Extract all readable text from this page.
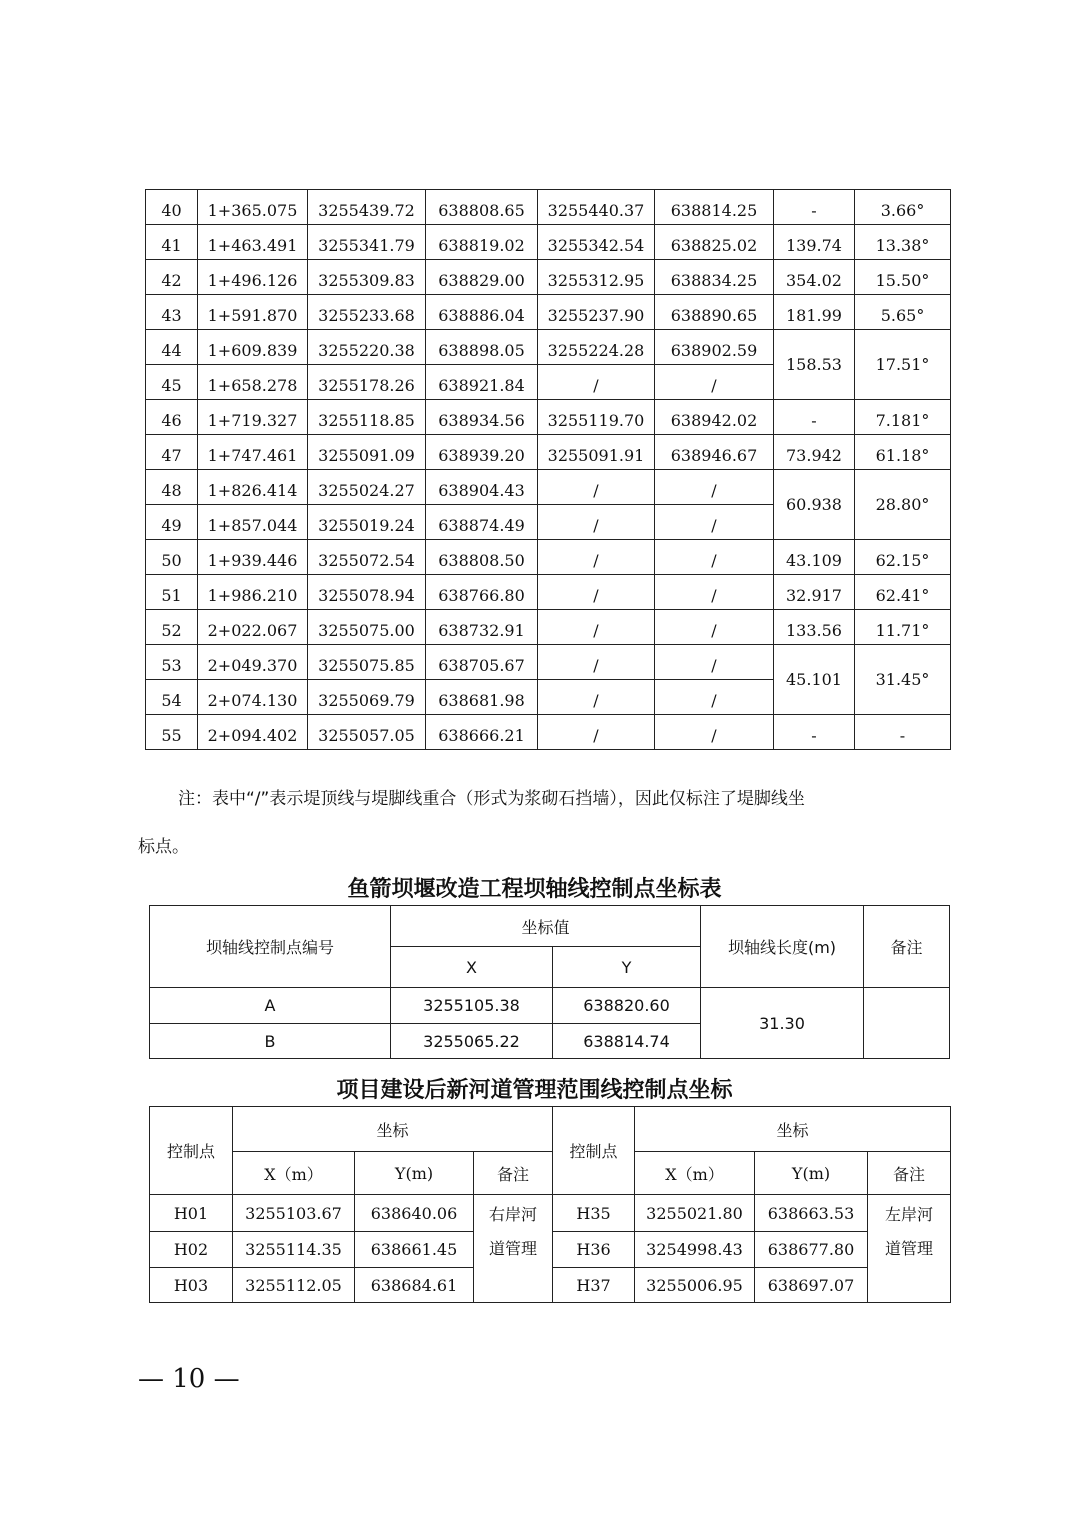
40	1+365.075	3255439.72	638808.65	3255440.37	638814.25	-	3.66°
41	1+463.491	3255341.79	638819.02	3255342.54	638825.02	139.74	13.38°
42	1+496.126	3255309.83	638829.00	3255312.95	638834.25	354.02	15.50°
43	1+591.870	3255233.68	638886.04	3255237.90	638890.65	181.99	5.65°
44	1+609.839	3255220.38	638898.05	3255224.28	638902.59	158.53	17.51°
45	1+658.278	3255178.26	638921.84	/	/		
46	1+719.327	3255118.85	638934.56	3255119.70	638942.02	-	7.181°
47	1+747.461	3255091.09	638939.20	3255091.91	638946.67	73.942	61.18°
48	1+826.414	3255024.27	638904.43	/	/	60.938	28.80°
49	1+857.044	3255019.24	638874.49	/	/		
50	1+939.446	3255072.54	638808.50	/	/	43.109	62.15°
51	1+986.210	3255078.94	638766.80	/	/	32.917	62.41°
52	2+022.067	3255075.00	638732.91	/	/	133.56	11.71°
53	2+049.370	3255075.85	638705.67	/	/	45.101	31.45°
54	2+074.130	3255069.79	638681.98	/	/		
55	2+094.402	3255057.05	638666.21	/	/	-	-
注：表中“/”表示堤顶线与堤脚线重合（形式为浆砌石挡墙），因此仅标注了堤脚线坐
标点。
鱼箭坝堰改造工程坝轴线控制点坐标表
坝轴线控制点编号	坐标值		坝轴线长度(m)	备注
	X	Y		
A	3255105.38	638820.60	31.30	
B	3255065.22	638814.74		
项目建设后新河道管理范围线控制点坐标
控制点	坐标			控制点	坐标		
	X（m）	Y(m)	备注		X（m）	Y(m)	备注
H01	3255103.67	638640.06	右岸河	H35	3255021.80	638663.53	左岸河
H02	3255114.35	638661.45	道管理	H36	3254998.43	638677.80	道管理
H03	3255112.05	638684.61		H37	3255006.95	638697.07	
— 10 —
